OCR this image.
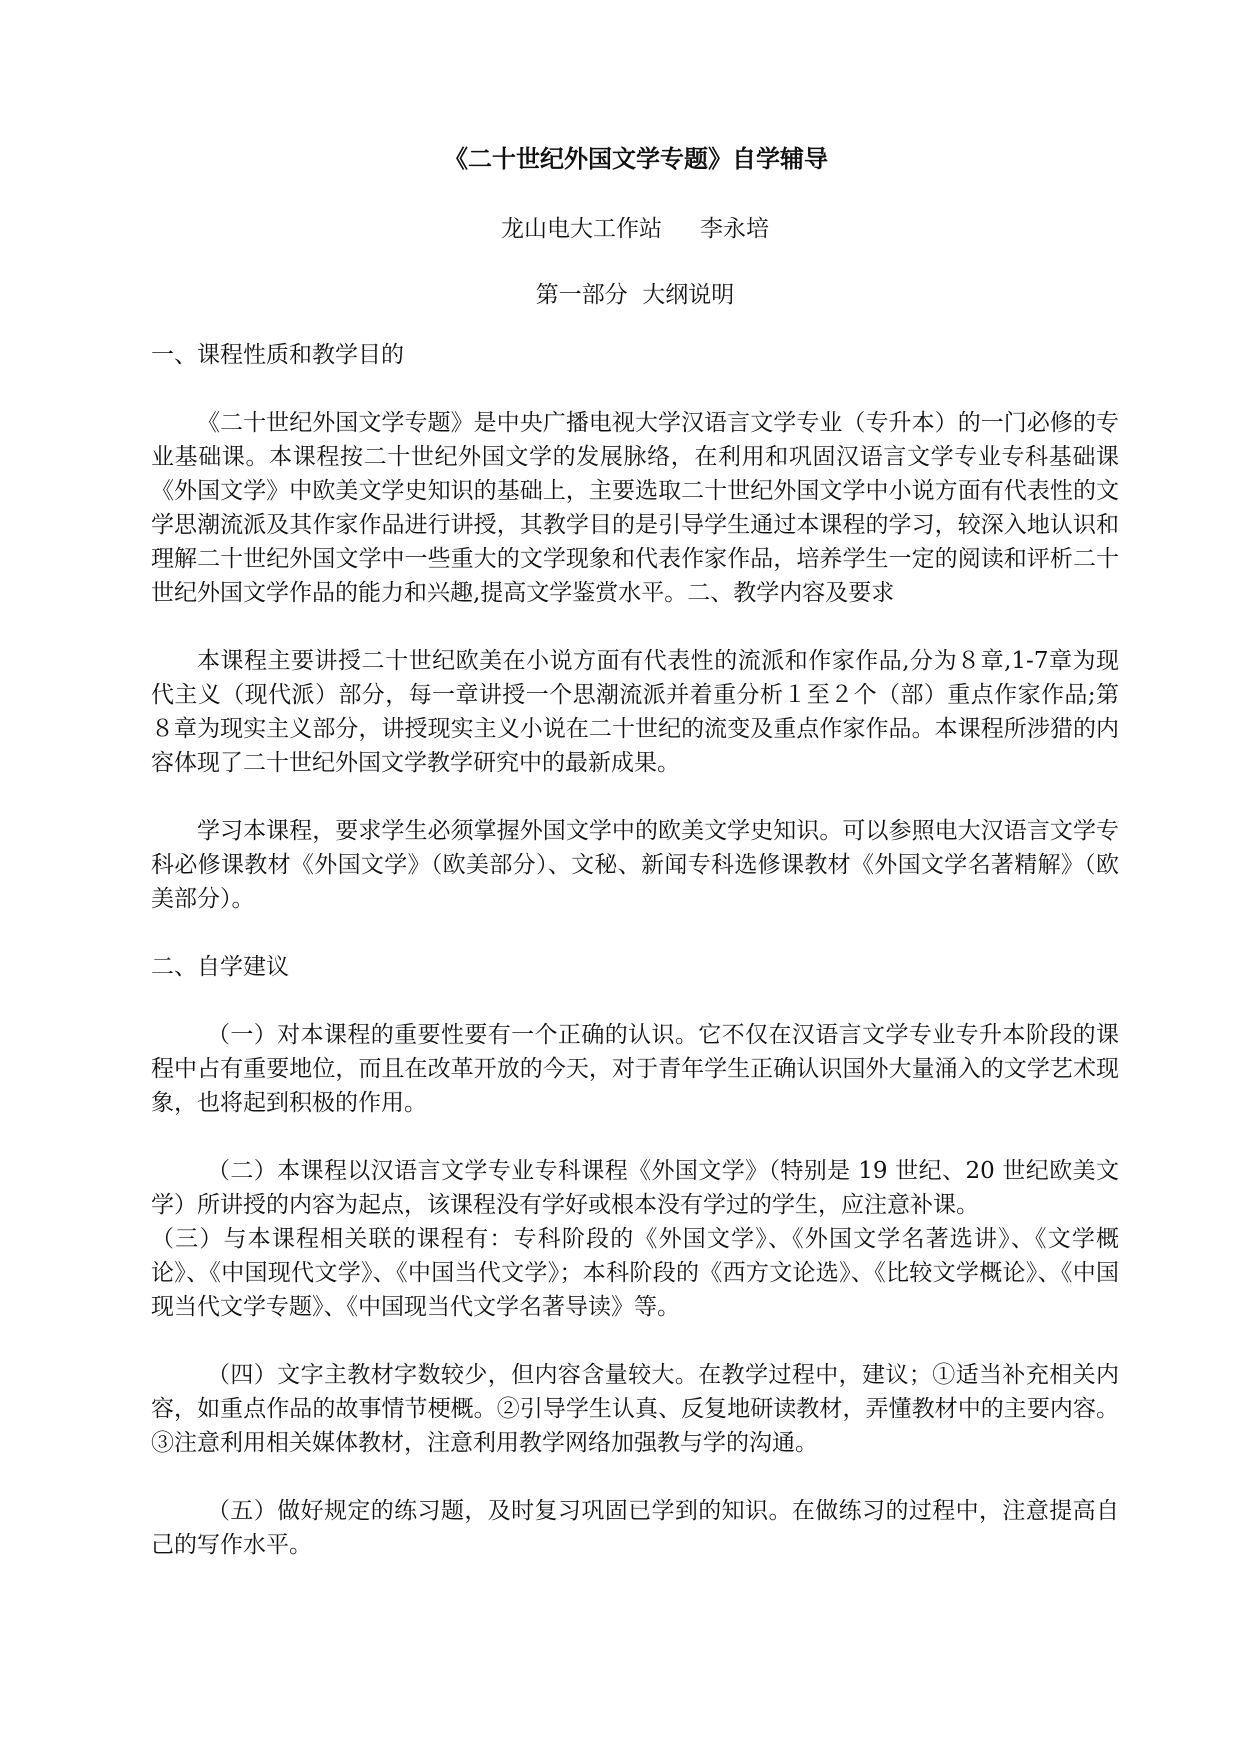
《二十世纪外国文学专题》自学辅导
龙山电大工作站 李永培
第一部分  大纲说明
一、课程性质和教学目的

《二十世纪外国文学专题》是中央广播电视大学汉语言文学专业（专升本）的一门必修的专业基础课。本课程按二十世纪外国文学的发展脉络，在利用和巩固汉语言文学专业专科基础课《外国文学》中欧美文学史知识的基础上，主要选取二十世纪外国文学中小说方面有代表性的文学思潮流派及其作家作品进行讲授，其教学目的是引导学生通过本课程的学习，较深入地认识和理解二十世纪外国文学中一些重大的文学现象和代表作家作品，培养学生一定的阅读和评析二十世纪外国文学作品的能力和兴趣,提高文学鉴赏水平。二、教学内容及要求

本课程主要讲授二十世纪欧美在小说方面有代表性的流派和作家作品,分为８章,1-7章为现代主义（现代派）部分，每一章讲授一个思潮流派并着重分析１至２个（部）重点作家作品;第８章为现实主义部分，讲授现实主义小说在二十世纪的流变及重点作家作品。本课程所涉猎的内容体现了二十世纪外国文学教学研究中的最新成果。

学习本课程，要求学生必须掌握外国文学中的欧美文学史知识。可以参照电大汉语言文学专科必修课教材《外国文学》（欧美部分）、文秘、新闻专科选修课教材《外国文学名著精解》（欧美部分）。

二、自学建议

（一）对本课程的重要性要有一个正确的认识。它不仅在汉语言文学专业专升本阶段的课程中占有重要地位，而且在改革开放的今天，对于青年学生正确认识国外大量涌入的文学艺术现象，也将起到积极的作用。

（二）本课程以汉语言文学专业专科课程《外国文学》（特别是 19 世纪、20 世纪欧美文学）所讲授的内容为起点，该课程没有学好或根本没有学过的学生，应注意补课。

（三）与本课程相关联的课程有：专科阶段的《外国文学》、《外国文学名著选讲》、《文学概论》、《中国现代文学》、《中国当代文学》；本科阶段的《西方文论选》、《比较文学概论》、《中国现当代文学专题》、《中国现当代文学名著导读》等。

（四）文字主教材字数较少，但内容含量较大。在教学过程中，建议；①适当补充相关内容，如重点作品的故事情节梗概。②引导学生认真、反复地研读教材，弄懂教材中的主要内容。③注意利用相关媒体教材，注意利用教学网络加强教与学的沟通。

（五）做好规定的练习题，及时复习巩固已学到的知识。在做练习的过程中，注意提高自己的写作水平。
